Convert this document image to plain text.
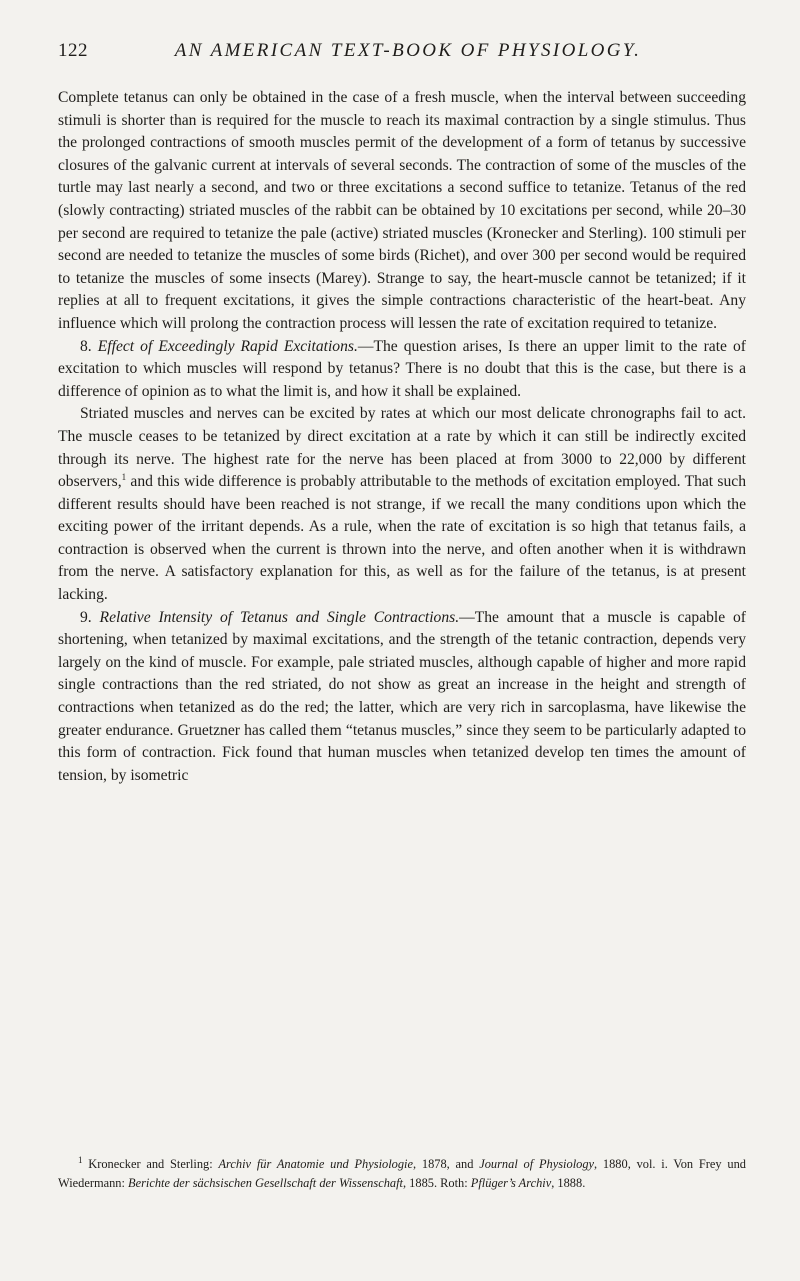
122	AN AMERICAN TEXT-BOOK OF PHYSIOLOGY.

Complete tetanus can only be obtained in the case of a fresh muscle, when the interval between succeeding stimuli is shorter than is required for the muscle to reach its maximal contraction by a single stimulus. Thus the prolonged contractions of smooth muscles permit of the development of a form of tetanus by successive closures of the galvanic current at intervals of several seconds. The contraction of some of the muscles of the turtle may last nearly a second, and two or three excitations a second suffice to tetanize. Tetanus of the red (slowly contracting) striated muscles of the rabbit can be obtained by 10 excitations per second, while 20–30 per second are required to tetanize the pale (active) striated muscles (Kronecker and Sterling). 100 stimuli per second are needed to tetanize the muscles of some birds (Richet), and over 300 per second would be required to tetanize the muscles of some insects (Marey). Strange to say, the heart-muscle cannot be tetanized; if it replies at all to frequent excitations, it gives the simple contractions characteristic of the heart-beat. Any influence which will prolong the contraction process will lessen the rate of excitation required to tetanize.

8. Effect of Exceedingly Rapid Excitations.—The question arises, Is there an upper limit to the rate of excitation to which muscles will respond by tetanus? There is no doubt that this is the case, but there is a difference of opinion as to what the limit is, and how it shall be explained.

Striated muscles and nerves can be excited by rates at which our most delicate chronographs fail to act. The muscle ceases to be tetanized by direct excitation at a rate by which it can still be indirectly excited through its nerve. The highest rate for the nerve has been placed at from 3000 to 22,000 by different observers,$^1$ and this wide difference is probably attributable to the methods of excitation employed. That such different results should have been reached is not strange, if we recall the many conditions upon which the exciting power of the irritant depends. As a rule, when the rate of excitation is so high that tetanus fails, a contraction is observed when the current is thrown into the nerve, and often another when it is withdrawn from the nerve. A satisfactory explanation for this, as well as for the failure of the tetanus, is at present lacking.

9. Relative Intensity of Tetanus and Single Contractions.—The amount that a muscle is capable of shortening, when tetanized by maximal excitations, and the strength of the tetanic contraction, depends very largely on the kind of muscle. For example, pale striated muscles, although capable of higher and more rapid single contractions than the red striated, do not show as great an increase in the height and strength of contractions when tetanized as do the red; the latter, which are very rich in sarcoplasma, have likewise the greater endurance. Gruetzner has called them “tetanus muscles,” since they seem to be particularly adapted to this form of contraction. Fick found that human muscles when tetanized develop ten times the amount of tension, by isometric

$^1$ Kronecker and Sterling: Archiv für Anatomie und Physiologie, 1878, and Journal of Physiology, 1880, vol. i. Von Frey und Wiedermann: Berichte der sächsischen Gesellschaft der Wissenschaft, 1885. Roth: Pflüger’s Archiv, 1888.
